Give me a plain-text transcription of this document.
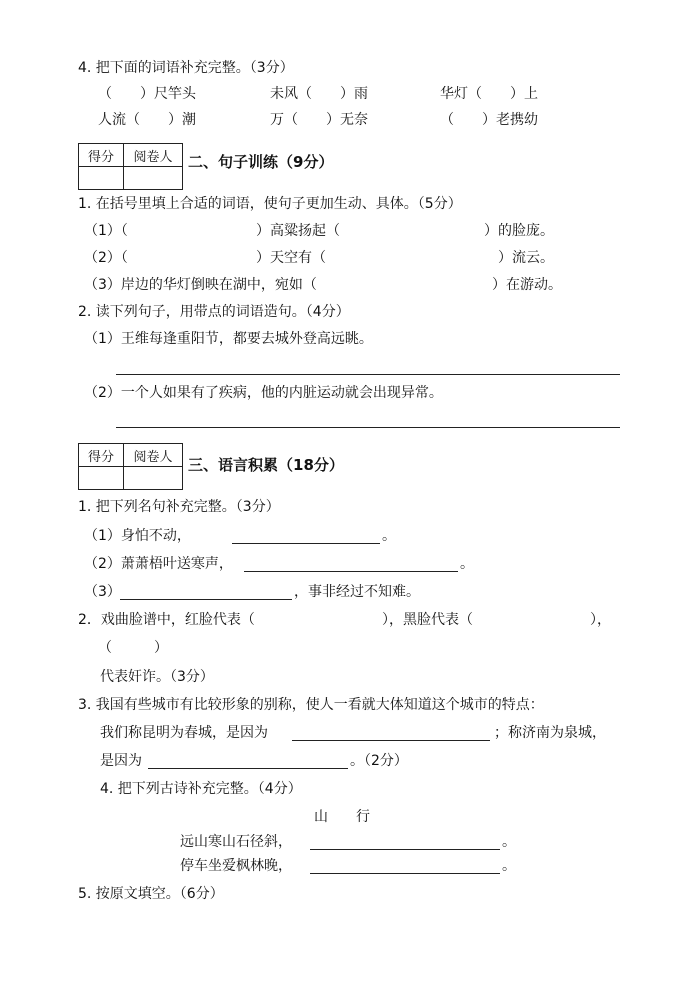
4. 把下面的词语补充完整。（3分）
（　　）尺竿头	未风（　　）雨	华灯（　　）上
人流（　　）潮	万（　　）无奈	（　　）老携幼
得分	阅卷人
	二、句子训练（9分）
1. 在括号里填上合适的词语，使句子更加生动、具体。（5分）
（1）（	）高粱扬起（	）的脸庞。
（2）（	）天空有（	）流云。
（3）岸边的华灯倒映在湖中，宛如（	）在游动。
2. 读下列句子，用带点的词语造句。（4分）
（1）王维每逢重阳节，都要去城外登高远眺。
（2）一个人如果有了疾病，他的内脏运动就会出现异常。
得分	阅卷人
	三、语言积累（18分）
1. 把下列名句补充完整。（3分）
（1）身怕不动，	。
（2）萧萧梧叶送寒声，	。
（3）	，事非经过不知难。
2．戏曲脸谱中，红脸代表（	），黑脸代表（	），
（　　　）
代表奸诈。（3分）
3. 我国有些城市有比较形象的别称，使人一看就大体知道这个城市的特点：
我们称昆明为春城，是因为	；称济南为泉城，
是因为	。（2分）
4. 把下列古诗补充完整。（4分）
山　　行
远山寒山石径斜，	。
停车坐爱枫林晚，	。
5. 按原文填空。（6分）
